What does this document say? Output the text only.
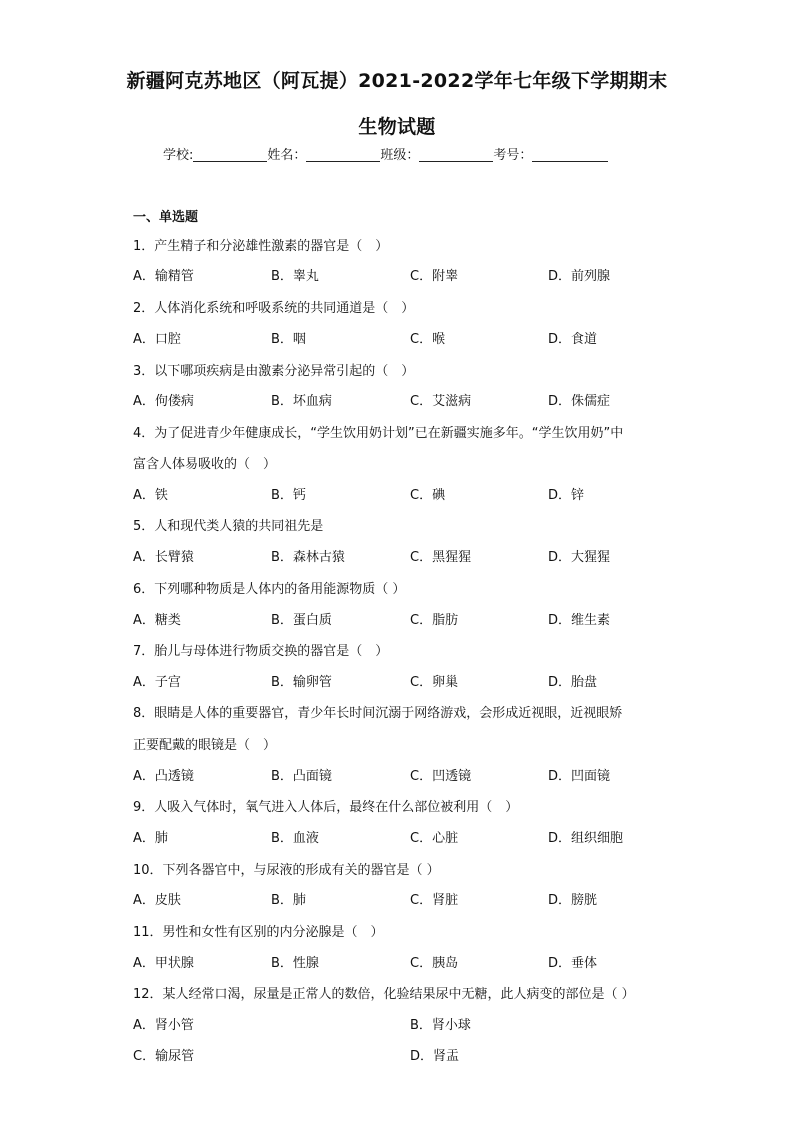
新疆阿克苏地区（阿瓦提）2021-2022学年七年级下学期期末
生物试题
学校:	姓名：	班级：	考号：
一、单选题
1．产生精子和分泌雄性激素的器官是（　）
A．输精管	B．睾丸	C．附睾	D．前列腺
2．人体消化系统和呼吸系统的共同通道是（　）
A．口腔	B．咽	C．喉	D．食道
3．以下哪项疾病是由激素分泌异常引起的（　）
A．佝偻病	B．坏血病	C．艾滋病	D．侏儒症
4．为了促进青少年健康成长，“学生饮用奶计划”已在新疆实施多年。“学生饮用奶”中
富含人体易吸收的（　）
A．铁	B．钙	C．碘	D．锌
5．人和现代类人猿的共同祖先是
A．长臂猿	B．森林古猿	C．黑猩猩	D．大猩猩
6．下列哪种物质是人体内的备用能源物质（ ）
A．糖类	B．蛋白质	C．脂肪	D．维生素
7．胎儿与母体进行物质交换的器官是（　）
A．子宫	B．输卵管	C．卵巢	D．胎盘
8．眼睛是人体的重要器官，青少年长时间沉溺于网络游戏，会形成近视眼，近视眼矫
正要配戴的眼镜是（　）
A．凸透镜	B．凸面镜	C．凹透镜	D．凹面镜
9．人吸入气体时，氧气进入人体后，最终在什么部位被利用（　）
A．肺	B．血液	C．心脏	D．组织细胞
10．下列各器官中，与尿液的形成有关的器官是（ ）
A．皮肤	B．肺	C．肾脏	D．膀胱
11．男性和女性有区别的内分泌腺是（　）
A．甲状腺	B．性腺	C．胰岛	D．垂体
12．某人经常口渴，尿量是正常人的数倍，化验结果尿中无糖，此人病变的部位是（ ）
A．肾小管	B．肾小球
C．输尿管	D．肾盂
